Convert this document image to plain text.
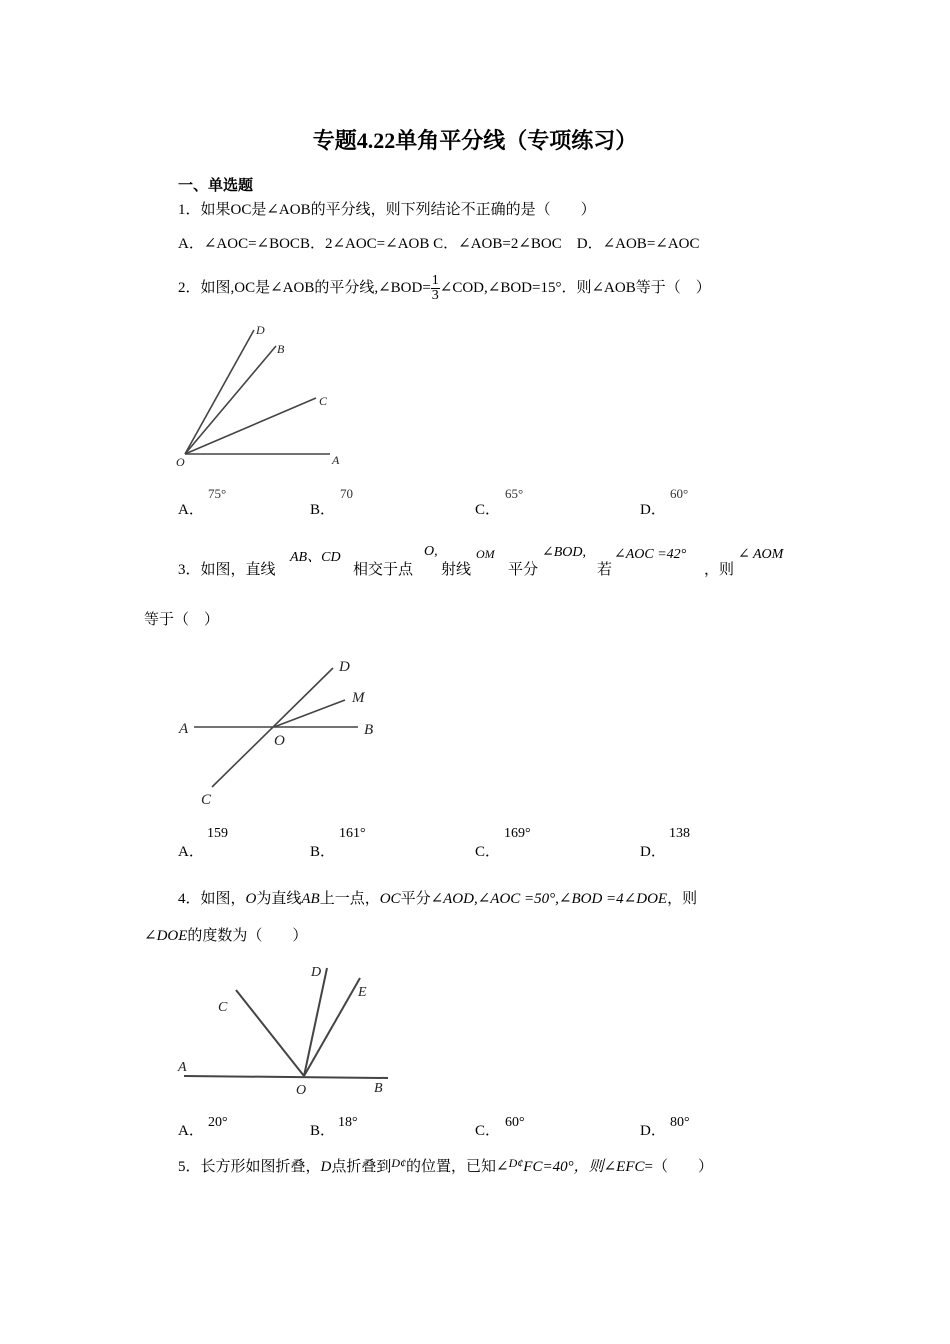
专题4.22单角平分线（专项练习）
一、单选题
1．如果OC是∠AOB的平分线，则下列结论不正确的是（　　）
A．∠AOC=∠BOCB．2∠AOC=∠AOB C．∠AOB=2∠BOC　D．∠AOB=∠AOC
2．如图,OC是∠AOB的平分线,∠BOD= $\frac{1}{3}$ ∠COD,∠BOD=15°．则∠AOB等于（　）
D
B
C
O	A
A．
75°
B．
70
C．
65°
D．
60°
3．如图，直线
AB、CD
相交于点
O,
射线
OM
平分
∠BOD,
若
∠AOC =42°
，则
∠ AOM
等于（　）
A	B
O
C
D
M
A．
159
B．
161°
C．
169°
D．
138
4．如图，O为直线AB上一点，OC平分∠AOD,∠AOC =50°,∠BOD =4∠DOE，则
∠DOE的度数为（　　）
A
B
O
C
D
E
A．
20°
B．
18°
C．
60°
D．
80°
5．长方形如图折叠，D点折叠到$^{D¢}$的位置，已知∠$^{D¢}$FC=40°，则∠EFC=（　　）
